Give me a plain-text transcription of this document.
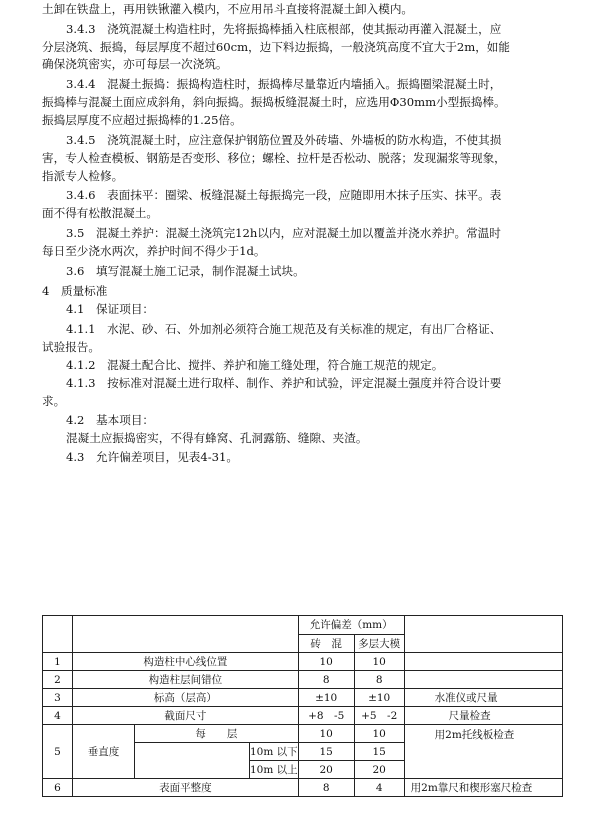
土卸在铁盘上，再用铁锹灌入模内，不应用吊斗直接将混凝土卸入模内。
3.4.3　浇筑混凝土构造柱时，先将振捣棒插入柱底根部，使其振动再灌入混凝土，应
分层浇筑、振捣，每层厚度不超过60cm，边下料边振捣，一般浇筑高度不宜大于2m，如能
确保浇筑密实，亦可每层一次浇筑。
3.4.4　混凝土振捣：振捣构造柱时，振捣棒尽量靠近内墙插入。振捣圈梁混凝土时，
振捣棒与混凝土面应成斜角，斜向振捣。振捣板缝混凝土时，应选用Φ30mm小型振捣棒。
振捣层厚度不应超过振捣棒的1.25倍。
3.4.5　浇筑混凝土时，应注意保护钢筋位置及外砖墙、外墙板的防水构造，不使其损
害，专人检查模板、钢筋是否变形、移位；螺栓、拉杆是否松动、脱落；发现漏浆等现象，
指派专人检修。
3.4.6　表面抹平：圈梁、板缝混凝土每振捣完一段，应随即用木抹子压实、抹平。表
面不得有松散混凝土。
3.5　混凝土养护：混凝土浇筑完12h以内，应对混凝土加以覆盖并浇水养护。常温时
每日至少浇水两次，养护时间不得少于1d。
3.6　填写混凝土施工记录，制作混凝土试块。
4　质量标准
4.1　保证项目：
4.1.1　水泥、砂、石、外加剂必须符合施工规范及有关标准的规定，有出厂合格证、
试验报告。
4.1.2　混凝土配合比、搅拌、养护和施工缝处理，符合施工规范的规定。
4.1.3　按标准对混凝土进行取样、制作、养护和试验，评定混凝土强度并符合设计要
求。
4.2　基本项目：
混凝土应振捣密实，不得有蜂窝、孔洞露筋、缝隙、夹渣。
4.3　允许偏差项目，见表4-31。
				允许偏差（mm）		
				砖　混	多层大模	
1	构造柱中心线位置			10	10	
2	构造柱层间错位			8	8	
3	标高（层高）			±10	±10	水准仪或尺量
4	截面尺寸			+8　-5	+5　-2	尺量检查
5	垂直度	每　　层		10	10	用2m托线板检查
			10m 以下	15	15	
			10m 以上	20	20	
6	表面平整度			8	4	用2m靠尺和楔形塞尺检查
